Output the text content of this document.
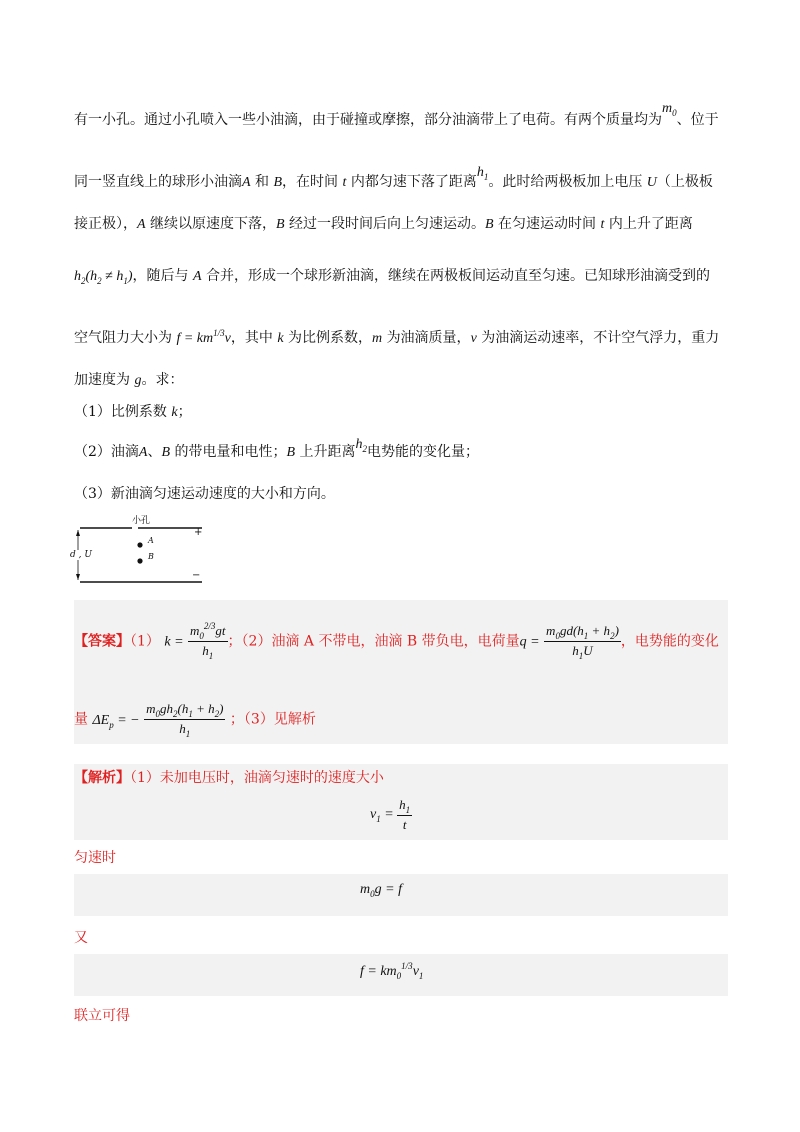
有一小孔。通过小孔喷入一些小油滴，由于碰撞或摩擦，部分油滴带上了电荷。有两个质量均为$m_0$、位于
同一竖直线上的球形小油滴A 和 B，在时间 t 内都匀速下落了距离$h_1$。此时给两极板加上电压 U（上极板
接正极），A 继续以原速度下落，B 经过一段时间后向上匀速运动。B 在匀速运动时间 t 内上升了距离
$h_2(h_2 \ne h_1)$，随后与 A 合并，形成一个球形新油滴，继续在两极板间运动直至匀速。已知球形油滴受到的
空气阻力大小为 $f = km^{1/3}v$，其中 k 为比例系数，m 为油滴质量，v 为油滴运动速率，不计空气浮力，重力
加速度为 g。求：
（1）比例系数 k；
（2）油滴A、B 的带电量和电性；B 上升距离$h_2$电势能的变化量；
（3）新油滴匀速运动速度的大小和方向。
小孔
+
−
d , U
A
B
【答案】（1） $k = \frac{m_0^{2/3}gt}{h_1}$ ；（2）油滴 A 不带电，油滴 B 带负电，电荷量$q = \frac{m_0gd(h_1 + h_2)}{h_1U}$ ，电势能的变化
量 $\Delta E_p$ = − $\frac{m_0gh_2(h_1 + h_2)}{h_1}$ ；（3）见解析
【解析】（1）未加电压时，油滴匀速时的速度大小
$v_1 = \frac{h_1}{t}$
匀速时
$m_0g = f$
又
$f = km_0^{1/3}v_1$
联立可得
